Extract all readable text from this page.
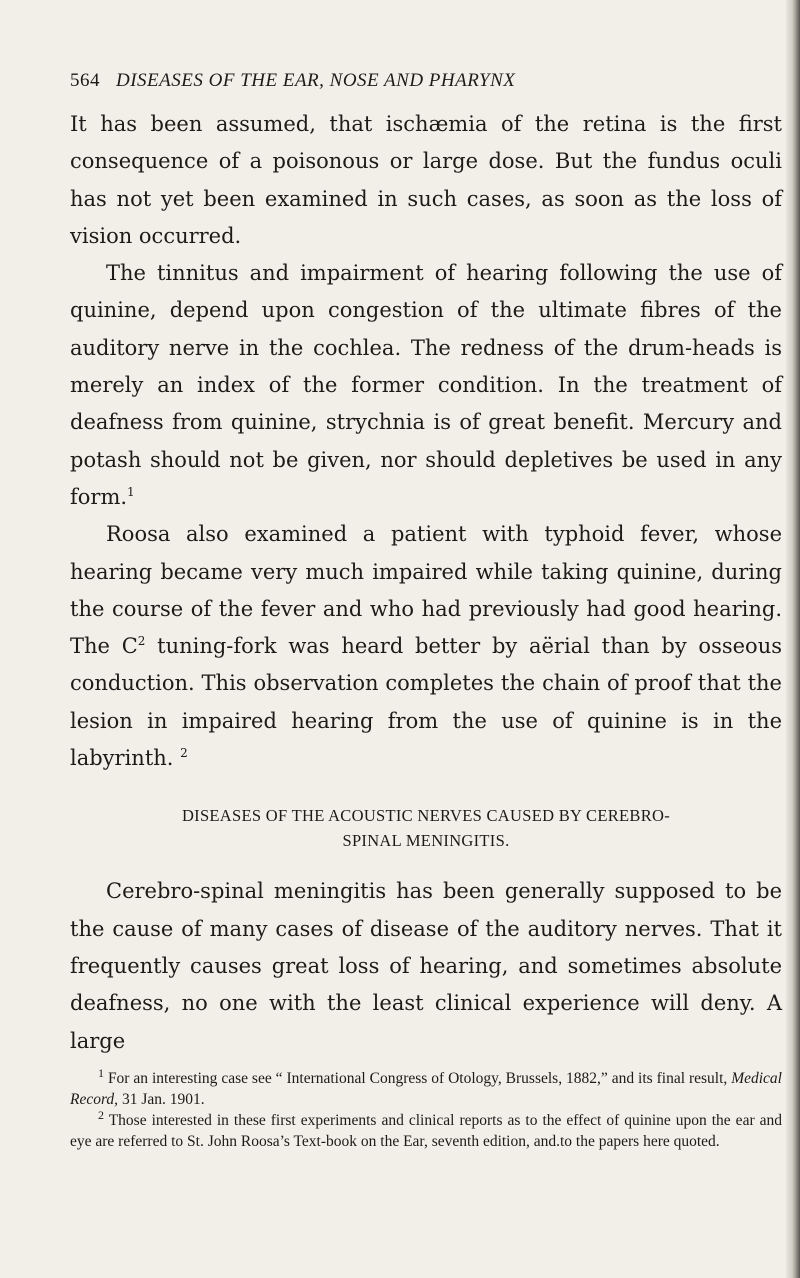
564 DISEASES OF THE EAR, NOSE AND PHARYNX

It has been assumed, that ischæmia of the retina is the first consequence of a poisonous or large dose. But the fundus oculi has not yet been examined in such cases, as soon as the loss of vision occurred.

The tinnitus and impairment of hearing following the use of quinine, depend upon congestion of the ultimate fibres of the auditory nerve in the cochlea. The redness of the drum-heads is merely an index of the former condition. In the treatment of deafness from quinine, strychnia is of great benefit. Mercury and potash should not be given, nor should depletives be used in any form.$^1$

Roosa also examined a patient with typhoid fever, whose hearing became very much impaired while taking quinine, during the course of the fever and who had previously had good hearing. The $C^2$ tuning-fork was heard better by aërial than by osseous conduction. This observation completes the chain of proof that the lesion in impaired hearing from the use of quinine is in the labyrinth. $^2$

DISEASES OF THE ACOUSTIC NERVES CAUSED BY CEREBRO-
SPINAL MENINGITIS.

Cerebro-spinal meningitis has been generally supposed to be the cause of many cases of disease of the auditory nerves. That it frequently causes great loss of hearing, and sometimes absolute deafness, no one with the least clinical experience will deny. A large

$^1$ For an interesting case see “ International Congress of Otology, Brussels, 1882,” and its final result, Medical Record, 31 Jan. 1901.

$^2$ Those interested in these first experiments and clinical reports as to the effect of quinine upon the ear and eye are referred to St. John Roosa’s Text-book on the Ear, seventh edition, and.to the papers here quoted.
